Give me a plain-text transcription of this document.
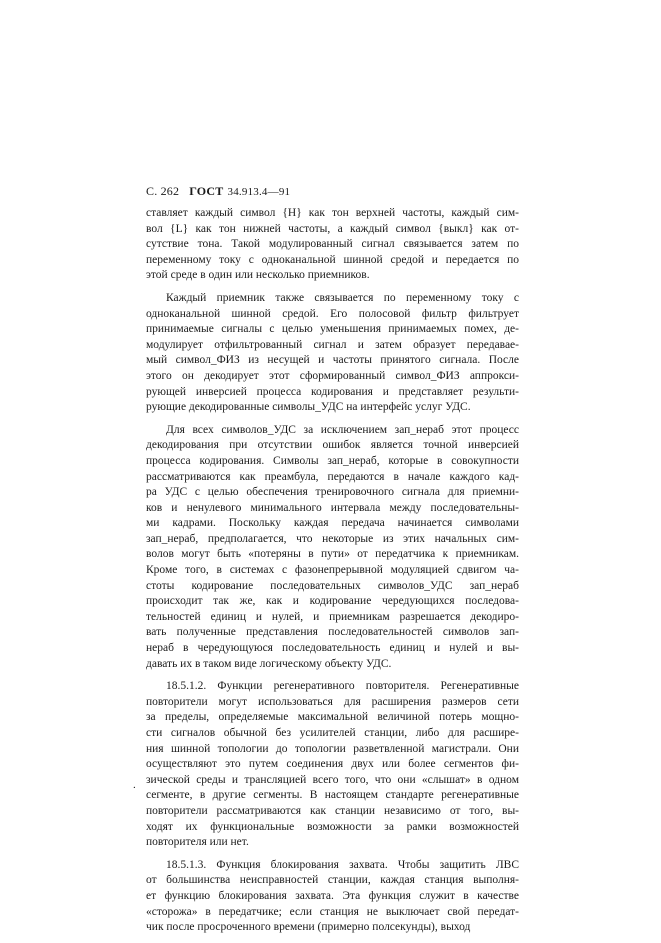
С. 262 ГОСТ 34.913.4—91
.
ставляет каждый символ {Н} как тон верхней частоты, каждый сим-
вол {L} как тон нижней частоты, а каждый символ {выкл} как от-
сутствие тона. Такой модулированный сигнал связывается затем по
переменному току с одноканальной шинной средой и передается по
этой среде в один или несколько приемников.
Каждый приемник также связывается по переменному току с
одноканальной шинной средой. Его полосовой фильтр фильтрует
принимаемые сигналы с целью уменьшения принимаемых помех, де-
модулирует отфильтрованный сигнал и затем образует передавае-
мый символ_ФИЗ из несущей и частоты принятого сигнала. После
этого он декодирует этот сформированный символ_ФИЗ аппрокси-
рующей инверсией процесса кодирования и представляет результи-
рующие декодированные символы_УДС на интерфейс услуг УДС.
Для всех символов_УДС за исключением зап_нераб этот процесс
декодирования при отсутствии ошибок является точной инверсией
процесса кодирования. Символы зап_нераб, которые в совокупности
рассматриваются как преамбула, передаются в начале каждого кад-
ра УДС с целью обеспечения тренировочного сигнала для приемни-
ков и ненулевого минимального интервала между последовательны-
ми кадрами. Поскольку каждая передача начинается символами
зап_нераб, предполагается, что некоторые из этих начальных сим-
волов могут быть «потеряны в пути» от передатчика к приемникам.
Кроме того, в системах с фазонепрерывной модуляцией сдвигом ча-
стоты кодирование последовательных символов_УДС зап_нераб
происходит так же, как и кодирование чередующихся последова-
тельностей единиц и нулей, и приемникам разрешается декодиро-
вать полученные представления последовательностей символов зап-
нераб в чередующуюся последовательность единиц и нулей и вы-
давать их в таком виде логическому объекту УДС.
18.5.1.2. Функции регенеративного повторителя. Регенеративные
повторители могут использоваться для расширения размеров сети
за пределы, определяемые максимальной величиной потерь мощно-
сти сигналов обычной без усилителей станции, либо для расшире-
ния шинной топологии до топологии разветвленной магистрали. Они
осуществляют это путем соединения двух или более сегментов фи-
зической среды и трансляцией всего того, что они «слышат» в одном
сегменте, в другие сегменты. В настоящем стандарте регенеративные
повторители рассматриваются как станции независимо от того, вы-
ходят их функциональные возможности за рамки возможностей
повторителя или нет.
18.5.1.3. Функция блокирования захвата. Чтобы защитить ЛВС
от большинства неисправностей станции, каждая станция выполня-
ет функцию блокирования захвата. Эта функция служит в качестве
«сторожа» в передатчике; если станция не выключает свой передат-
чик после просроченного времени (примерно полсекунды), выход
